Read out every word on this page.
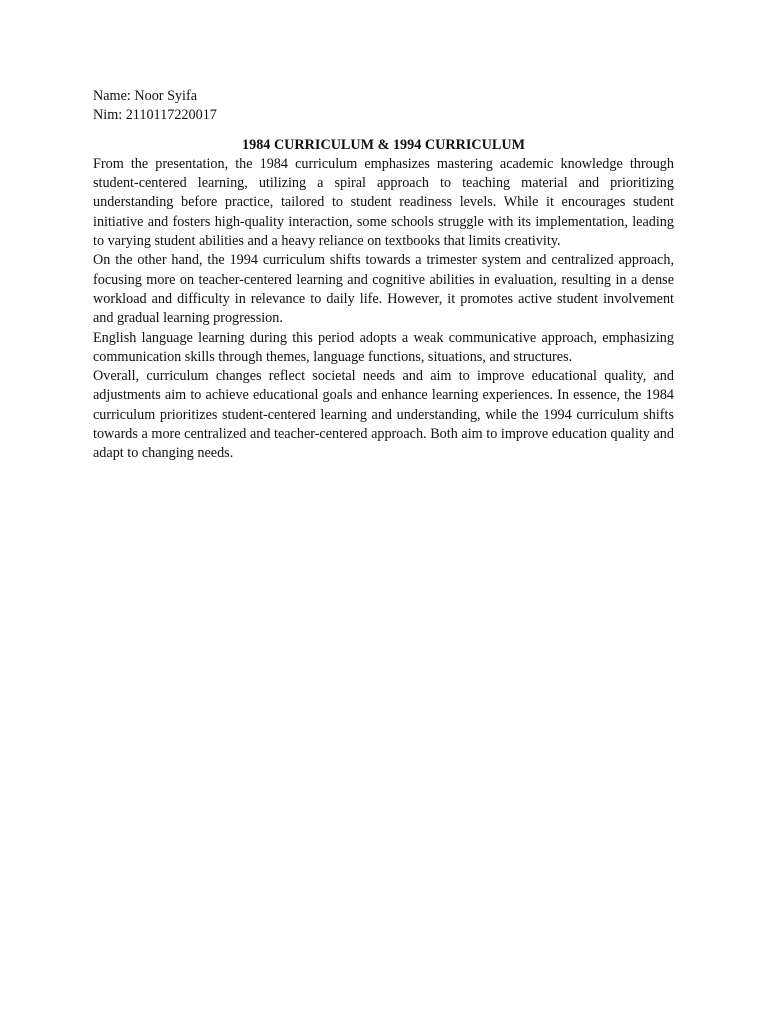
Name: Noor Syifa

Nim: 2110117220017

1984 CURRICULUM & 1994 CURRICULUM

From the presentation, the 1984 curriculum emphasizes mastering academic knowledge through student-centered learning, utilizing a spiral approach to teaching material and prioritizing understanding before practice, tailored to student readiness levels. While it encourages student initiative and fosters high-quality interaction, some schools struggle with its implementation, leading to varying student abilities and a heavy reliance on textbooks that limits creativity.

On the other hand, the 1994 curriculum shifts towards a trimester system and centralized approach, focusing more on teacher-centered learning and cognitive abilities in evaluation, resulting in a dense workload and difficulty in relevance to daily life. However, it promotes active student involvement and gradual learning progression.

English language learning during this period adopts a weak communicative approach, emphasizing communication skills through themes, language functions, situations, and structures.

Overall, curriculum changes reflect societal needs and aim to improve educational quality, and adjustments aim to achieve educational goals and enhance learning experiences. In essence, the 1984 curriculum prioritizes student-centered learning and understanding, while the 1994 curriculum shifts towards a more centralized and teacher-centered approach. Both aim to improve education quality and adapt to changing needs.
